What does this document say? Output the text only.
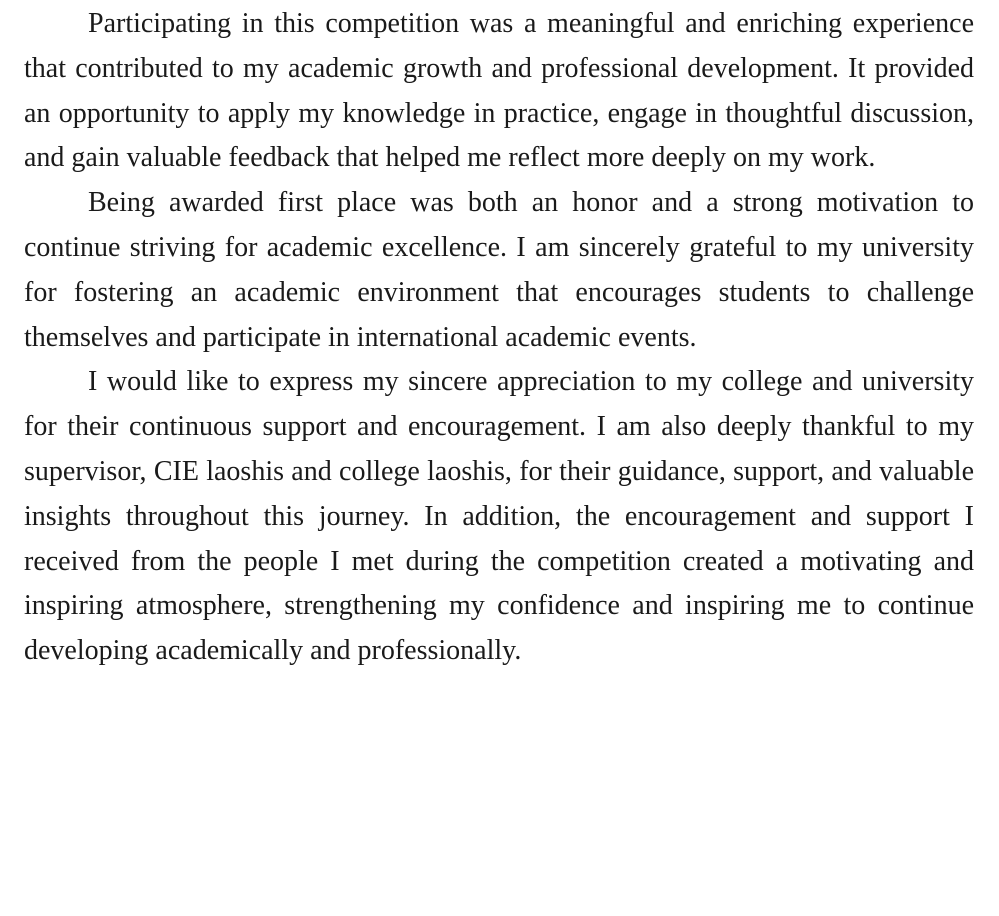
Participating in this competition was a meaningful and enriching experience that contributed to my academic growth and professional development. It provided an opportunity to apply my knowledge in practice, engage in thoughtful discussion, and gain valuable feedback that helped me reflect more deeply on my work.

Being awarded first place was both an honor and a strong motivation to continue striving for academic excellence. I am sincerely grateful to my university for fostering an academic environment that encourages students to challenge themselves and participate in international academic events.

I would like to express my sincere appreciation to my college and university for their continuous support and encouragement. I am also deeply thankful to my supervisor, CIE laoshis and college laoshis, for their guidance, support, and valuable insights throughout this journey. In addition, the encouragement and support I received from the people I met during the competition created a motivating and inspiring atmosphere, strengthening my confidence and inspiring me to continue developing academically and professionally.
